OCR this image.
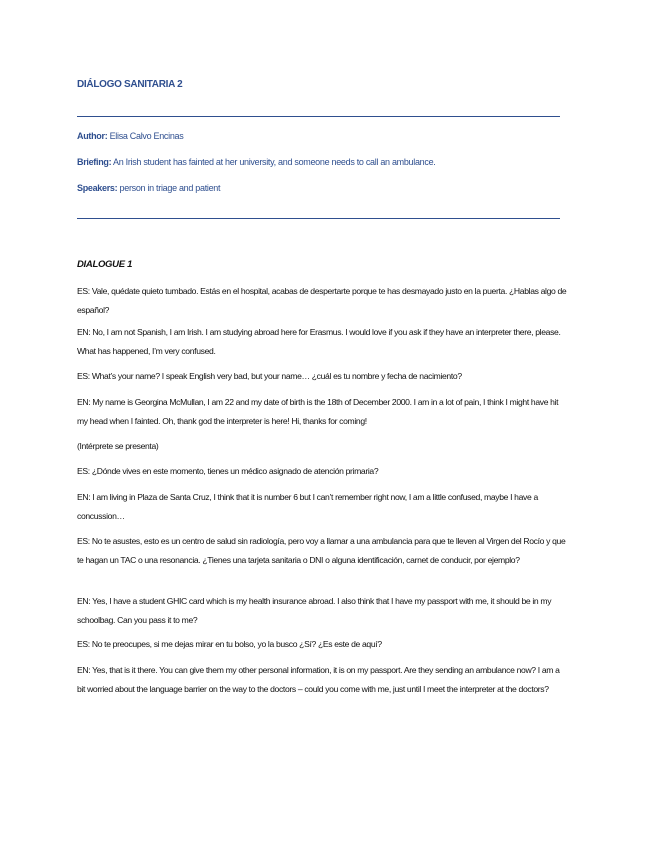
DIÁLOGO SANITARIA 2
Author: Elisa Calvo Encinas
Briefing: An Irish student has fainted at her university, and someone needs to call an ambulance.
Speakers: person in triage and patient
DIALOGUE 1

ES: Vale, quédate quieto tumbado. Estás en el hospital, acabas de despertarte porque te has desmayado justo en la puerta. ¿Hablas algo de español?

EN: No, I am not Spanish, I am Irish. I am studying abroad here for Erasmus. I would love if you ask if they have an interpreter there, please. What has happened, I’m very confused.

ES: What’s your name? I speak English very bad, but your name… ¿cuál es tu nombre y fecha de nacimiento?

EN: My name is Georgina McMullan, I am 22 and my date of birth is the 18th of December 2000. I am in a lot of pain, I think I might have hit my head when I fainted. Oh, thank god the interpreter is here! Hi, thanks for coming!

(Intérprete se presenta)

ES: ¿Dónde vives en este momento, tienes un médico asignado de atención primaria?

EN: I am living in Plaza de Santa Cruz, I think that it is number 6 but I can’t remember right now, I am a little confused, maybe I have a concussion…

ES: No te asustes, esto es un centro de salud sin radiología, pero voy a llamar a una ambulancia para que te lleven al Virgen del Rocío y que te hagan un TAC o una resonancia. ¿Tienes una tarjeta sanitaria o DNI o alguna identificación, carnet de conducir, por ejemplo?

EN: Yes, I have a student GHIC card which is my health insurance abroad. I also think that I have my passport with me, it should be in my schoolbag. Can you pass it to me?

ES: No te preocupes, si me dejas mirar en tu bolso, yo la busco ¿Sí? ¿Es este de aquí?

EN: Yes, that is it there. You can give them my other personal information, it is on my passport. Are they sending an ambulance now? I am a bit worried about the language barrier on the way to the doctors – could you come with me, just until I meet the interpreter at the doctors?
